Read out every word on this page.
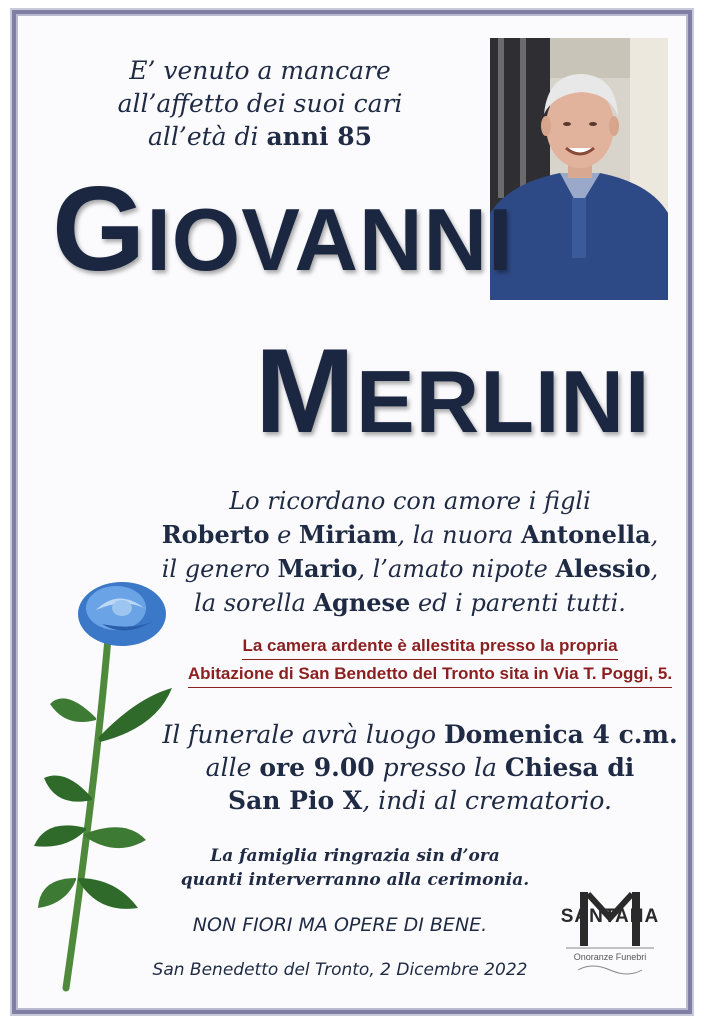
E’ venuto a mancare
all’affetto dei suoi cari
all’età di anni 85
GIOVANNI
MERLINI
Lo ricordano con amore i figli
Roberto e Miriam, la nuora Antonella,
il genero Mario, l’amato nipote Alessio,
la sorella Agnese ed i parenti tutti.
La camera ardente è allestita presso la propria
Abitazione di San Bendetto del Tronto sita in Via T. Poggi, 5.
Il funerale avrà luogo Domenica 4 c.m.
alle ore 9.00 presso la Chiesa di
San Pio X, indi al crematorio.
La famiglia ringrazia sin d’ora
quanti interverranno alla cerimonia.
NON FIORI MA OPERE DI BENE.
San Benedetto del Tronto, 2 Dicembre 2022
SANTANA
Onoranze Funebri
